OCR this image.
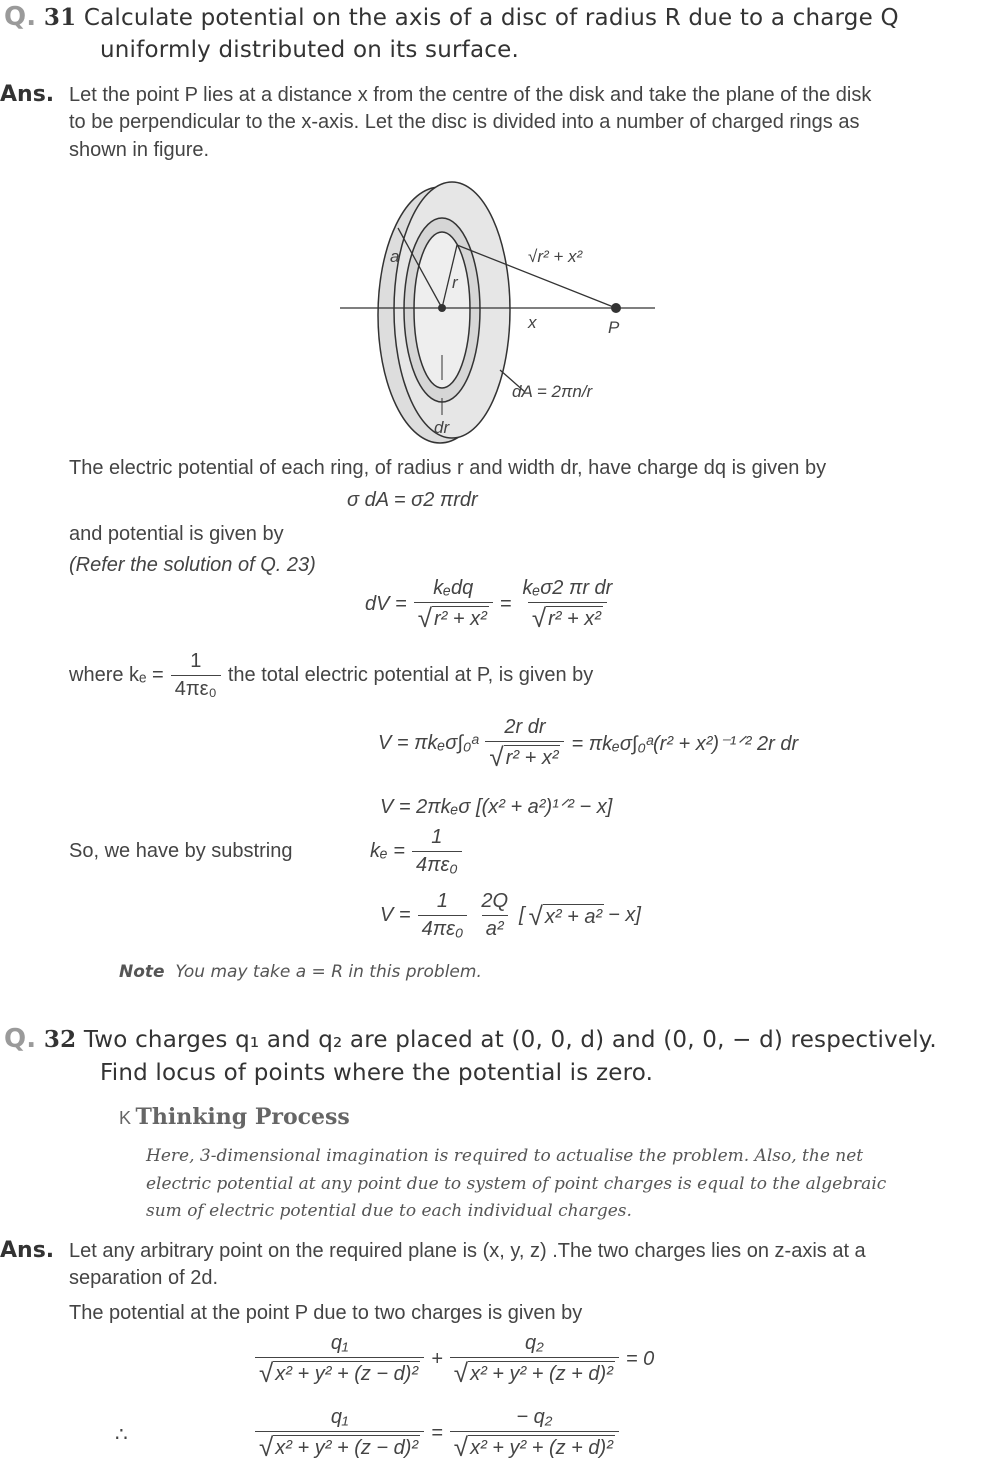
Q. 31 Calculate potential on the axis of a disc of radius R due to a charge Q
uniformly distributed on its surface.
Ans. Let the point P lies at a distance x from the centre of the disk and take the plane of the disk
to be perpendicular to the x-axis. Let the disc is divided into a number of charged rings as
shown in figure.
a
r
√r² + x²
x	P
dA = 2πn/r
dr
The electric potential of each ring, of radius r and width dr, have charge dq is given by
σ dA = σ2 πrdr
and potential is given by
(Refer the solution of Q. 23)
dV = $\frac{\text{kₑdq}}{\text{√ r² + x²}} = \frac{\text{kₑσ2 πr dr}}{\text{√ r² + x²}}$
where $k_e = \frac{1}{\text{4πε₀}}$ the total electric potential at P, is given by
V = πkₑσ∫₀ᵃ $\frac{\text{2r dr}}{\text{√ r² + x²}}$ = πkₑσ∫₀ᵃ(r² + x²)⁻¹ᐟ² 2r dr
V = 2πkₑσ [(x² + a²)¹ᐟ² − x]
So, we have by substring	$k_e = \frac{1}{\text{4πε₀}}$
$V = \frac{1}{\text{4πε₀}} \frac{2Q}{\text{a²}}$ [ √ x² + a² − x]
Note You may take a = R in this problem.
Q. 32 Two charges q₁ and q₂ are placed at (0, 0, d) and (0, 0, − d) respectively.
Find locus of points where the potential is zero.
K Thinking Process
Here, 3-dimensional imagination is required to actualise the problem. Also, the net
electric potential at any point due to system of point charges is equal to the algebraic
sum of electric potential due to each individual charges.
Ans. Let any arbitrary point on the required plane is (x, y, z) .The two charges lies on z-axis at a
separation of 2d.
The potential at the point P due to two charges is given by
$\frac{\text{q₁}}{\text{√ x² + y² + (z − d)²}} + \frac{\text{q₂}}{\text{√ x² + y² + (z + d)²}} = 0$
∴	$\frac{\text{q₁}}{\text{√ x² + y² + (z − d)²}} = \frac{\text{− q₂}}{\text{√ x² + y² + (z + d)²}}$
